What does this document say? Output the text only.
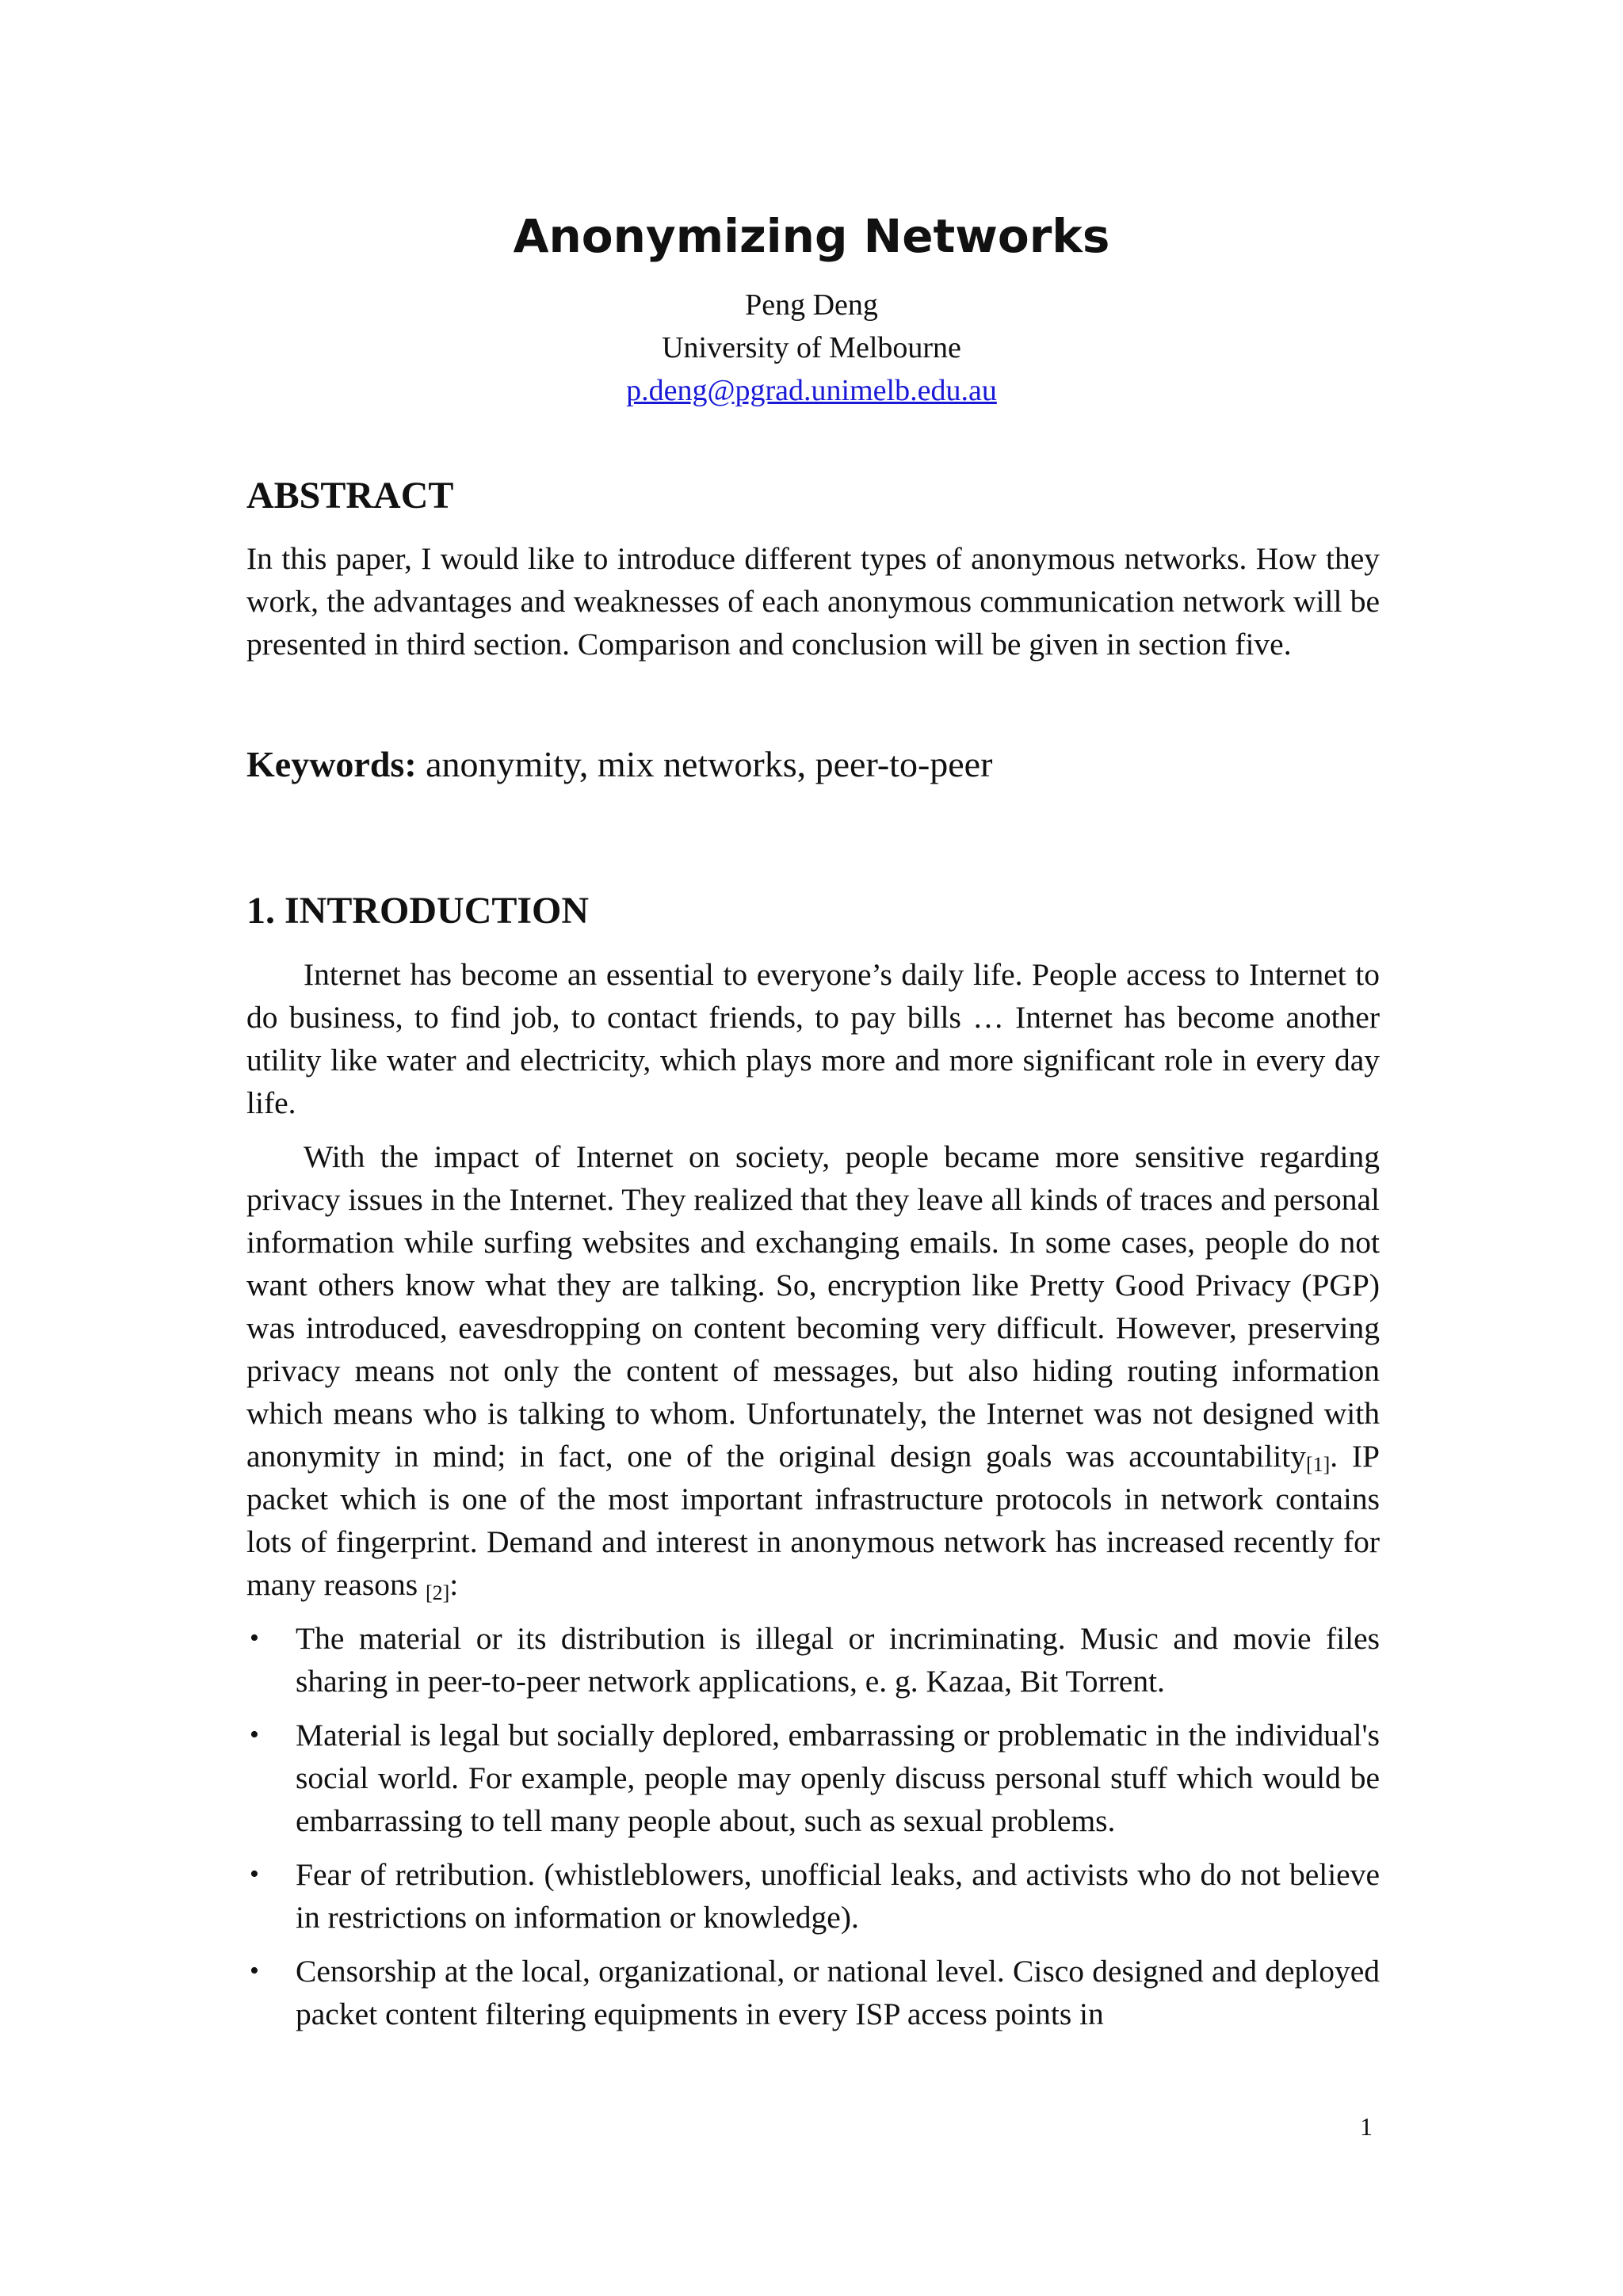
Anonymizing Networks
Peng Deng
University of Melbourne
p.deng@pgrad.unimelb.edu.au
ABSTRACT

In this paper, I would like to introduce different types of anonymous networks. How they work, the advantages and weaknesses of each anonymous communication network will be presented in third section. Comparison and conclusion will be given in section five.

Keywords: anonymity, mix networks, peer-to-peer
1. INTRODUCTION

Internet has become an essential to everyone’s daily life. People access to Internet to do business, to find job, to contact friends, to pay bills … Internet has become another utility like water and electricity, which plays more and more significant role in every day life.

With the impact of Internet on society, people became more sensitive regarding privacy issues in the Internet. They realized that they leave all kinds of traces and personal information while surfing websites and exchanging emails. In some cases, people do not want others know what they are talking. So, encryption like Pretty Good Privacy (PGP) was introduced, eavesdropping on content becoming very difficult. However, preserving privacy means not only the content of messages, but also hiding routing information which means who is talking to whom. Unfortunately, the Internet was not designed with anonymity in mind; in fact, one of the original design goals was accountability$_{[1]}$. IP packet which is one of the most important infrastructure protocols in network contains lots of fingerprint. Demand and interest in anonymous network has increased recently for many reasons $_{[2]}$:

• The material or its distribution is illegal or incriminating. Music and movie files sharing in peer-to-peer network applications, e. g. Kazaa, Bit Torrent.
• Material is legal but socially deplored, embarrassing or problematic in the individual's social world. For example, people may openly discuss personal stuff which would be embarrassing to tell many people about, such as sexual problems.
• Fear of retribution. (whistleblowers, unofficial leaks, and activists who do not believe in restrictions on information or knowledge).
• Censorship at the local, organizational, or national level. Cisco designed and deployed packet content filtering equipments in every ISP access points in
1
